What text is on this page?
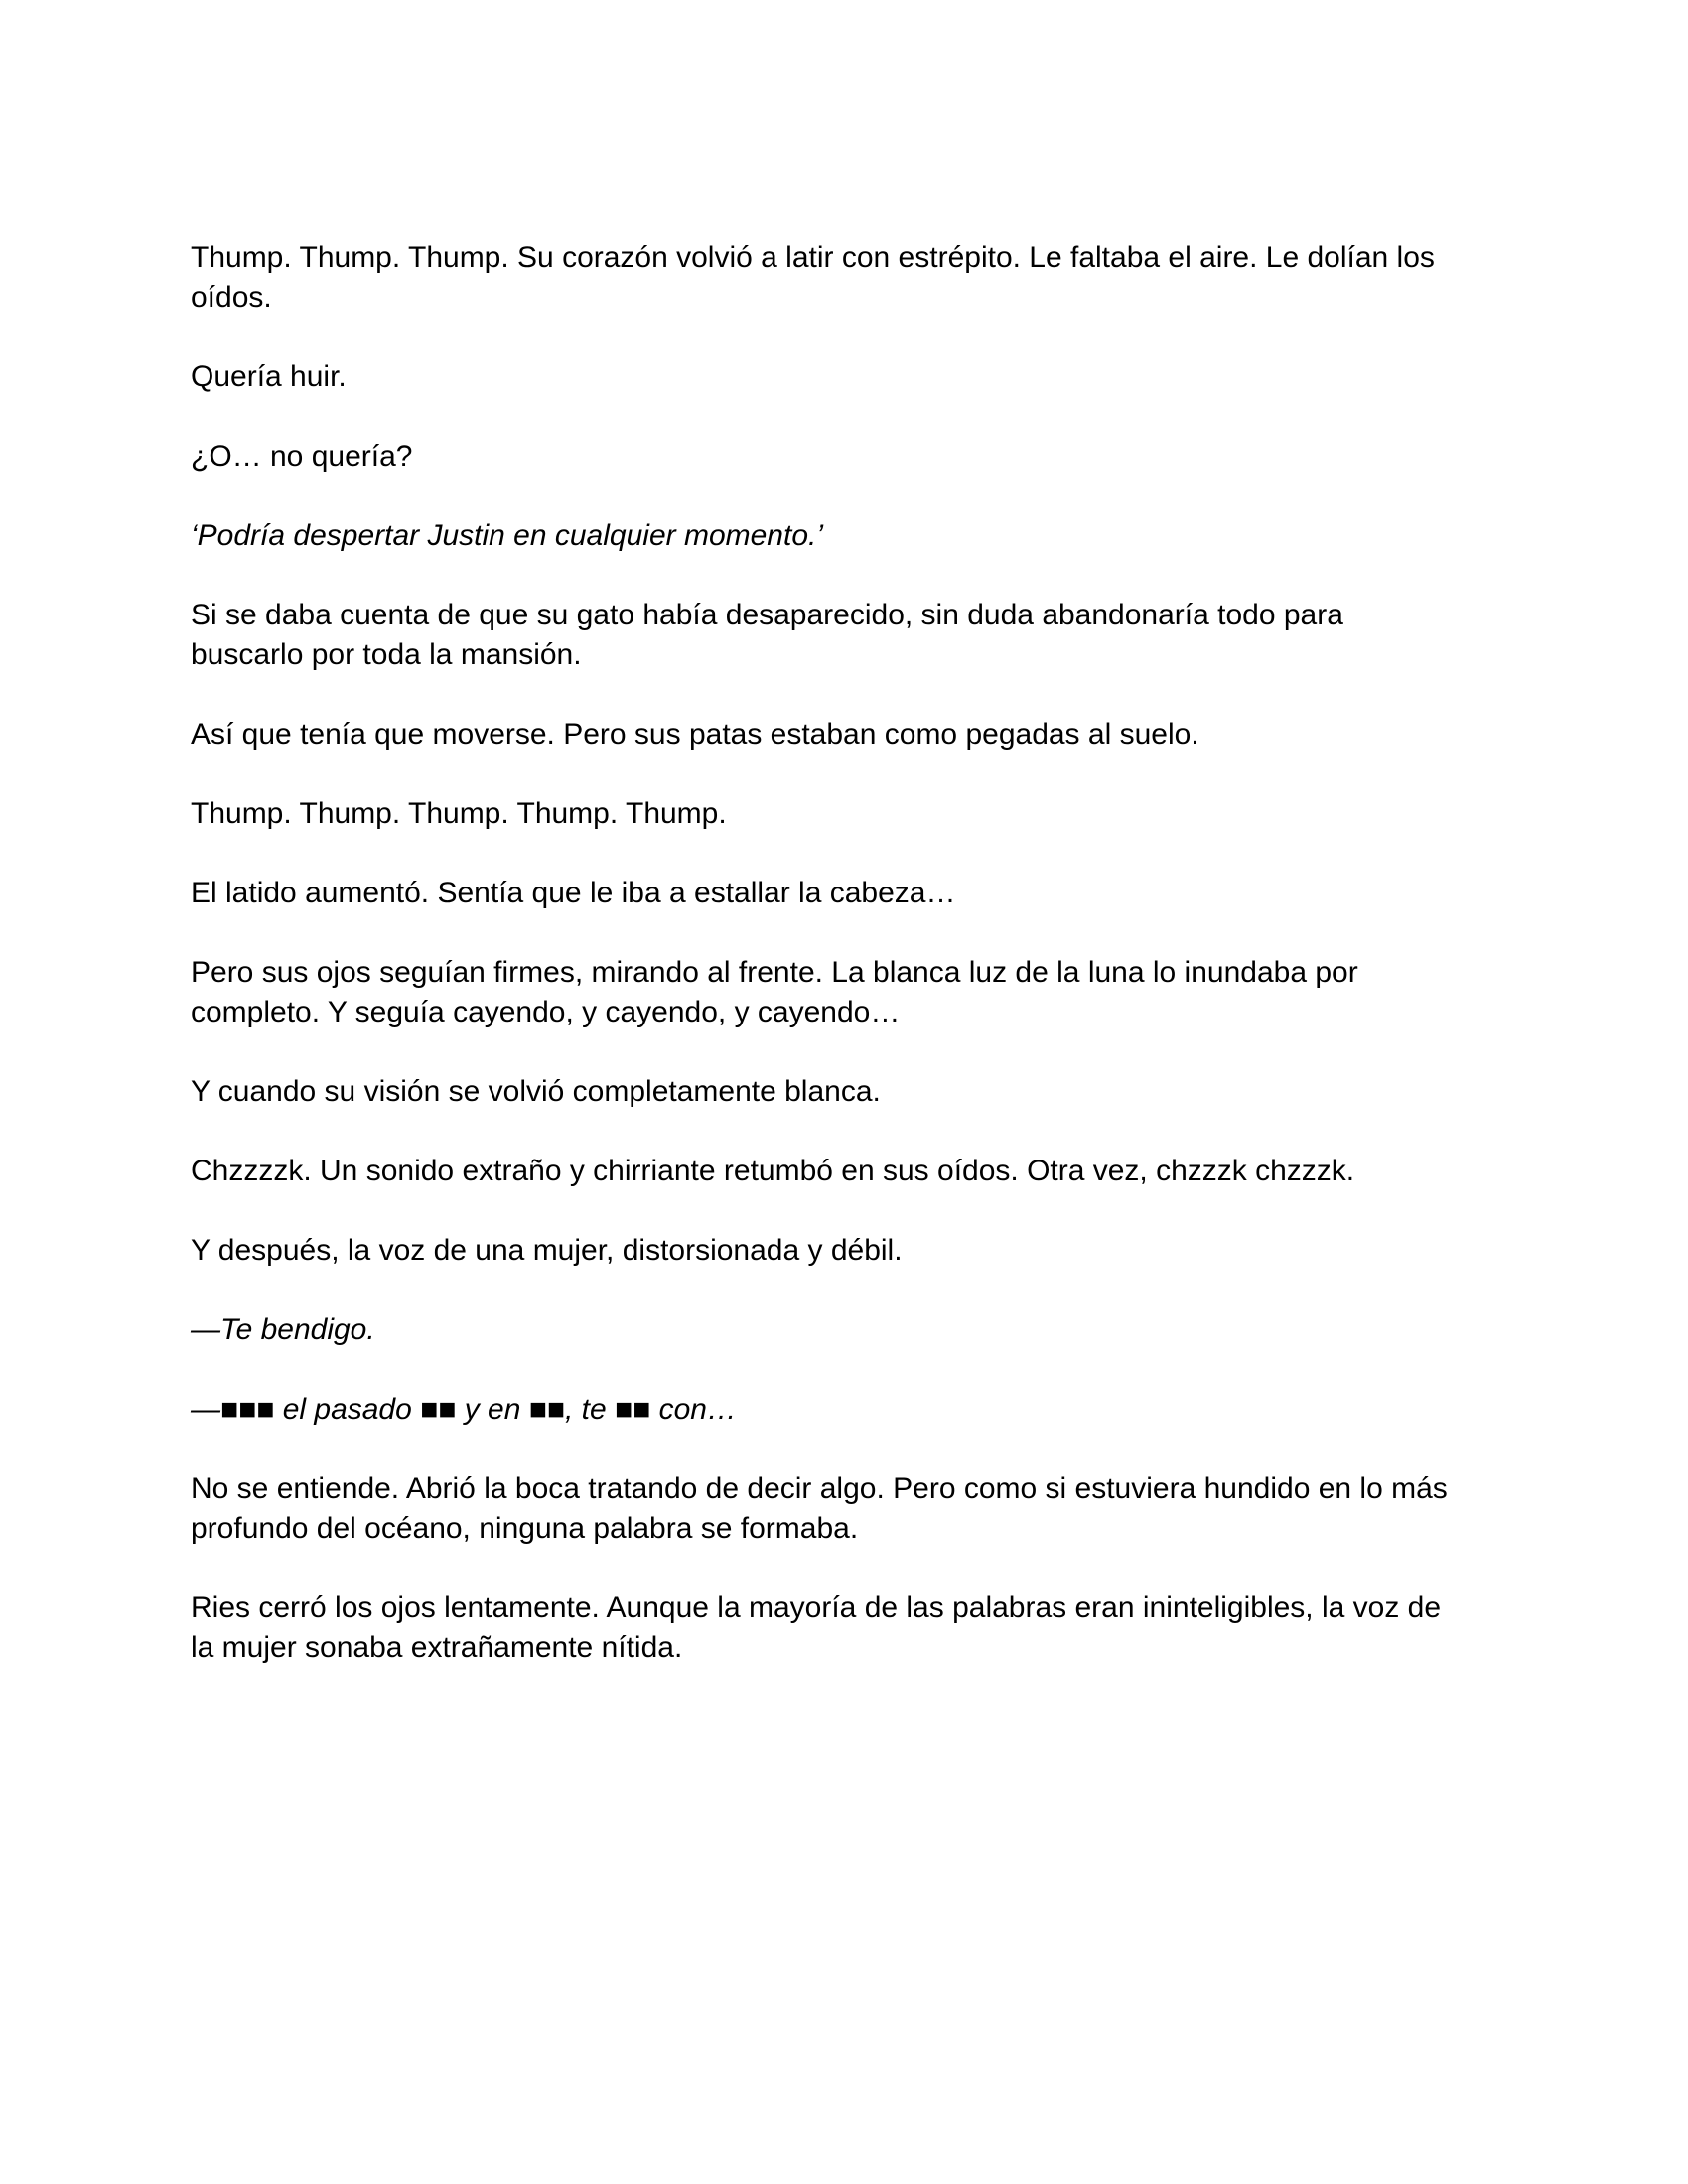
Thump. Thump. Thump. Su corazón volvió a latir con estrépito. Le faltaba el aire. Le dolían los
oídos.
Quería huir.
¿O… no quería?
‘Podría despertar Justin en cualquier momento.’
Si se daba cuenta de que su gato había desaparecido, sin duda abandonaría todo para
buscarlo por toda la mansión.
Así que tenía que moverse. Pero sus patas estaban como pegadas al suelo.
Thump. Thump. Thump. Thump. Thump.
El latido aumentó. Sentía que le iba a estallar la cabeza…
Pero sus ojos seguían firmes, mirando al frente. La blanca luz de la luna lo inundaba por
completo. Y seguía cayendo, y cayendo, y cayendo…
Y cuando su visión se volvió completamente blanca.
Chzzzzk. Un sonido extraño y chirriante retumbó en sus oídos. Otra vez, chzzzk chzzzk.
Y después, la voz de una mujer, distorsionada y débil.
—Te bendigo.
—■■■ el pasado ■■ y en ■■, te ■■ con…
No se entiende. Abrió la boca tratando de decir algo. Pero como si estuviera hundido en lo más
profundo del océano, ninguna palabra se formaba.
Ries cerró los ojos lentamente. Aunque la mayoría de las palabras eran ininteligibles, la voz de
la mujer sonaba extrañamente nítida.
